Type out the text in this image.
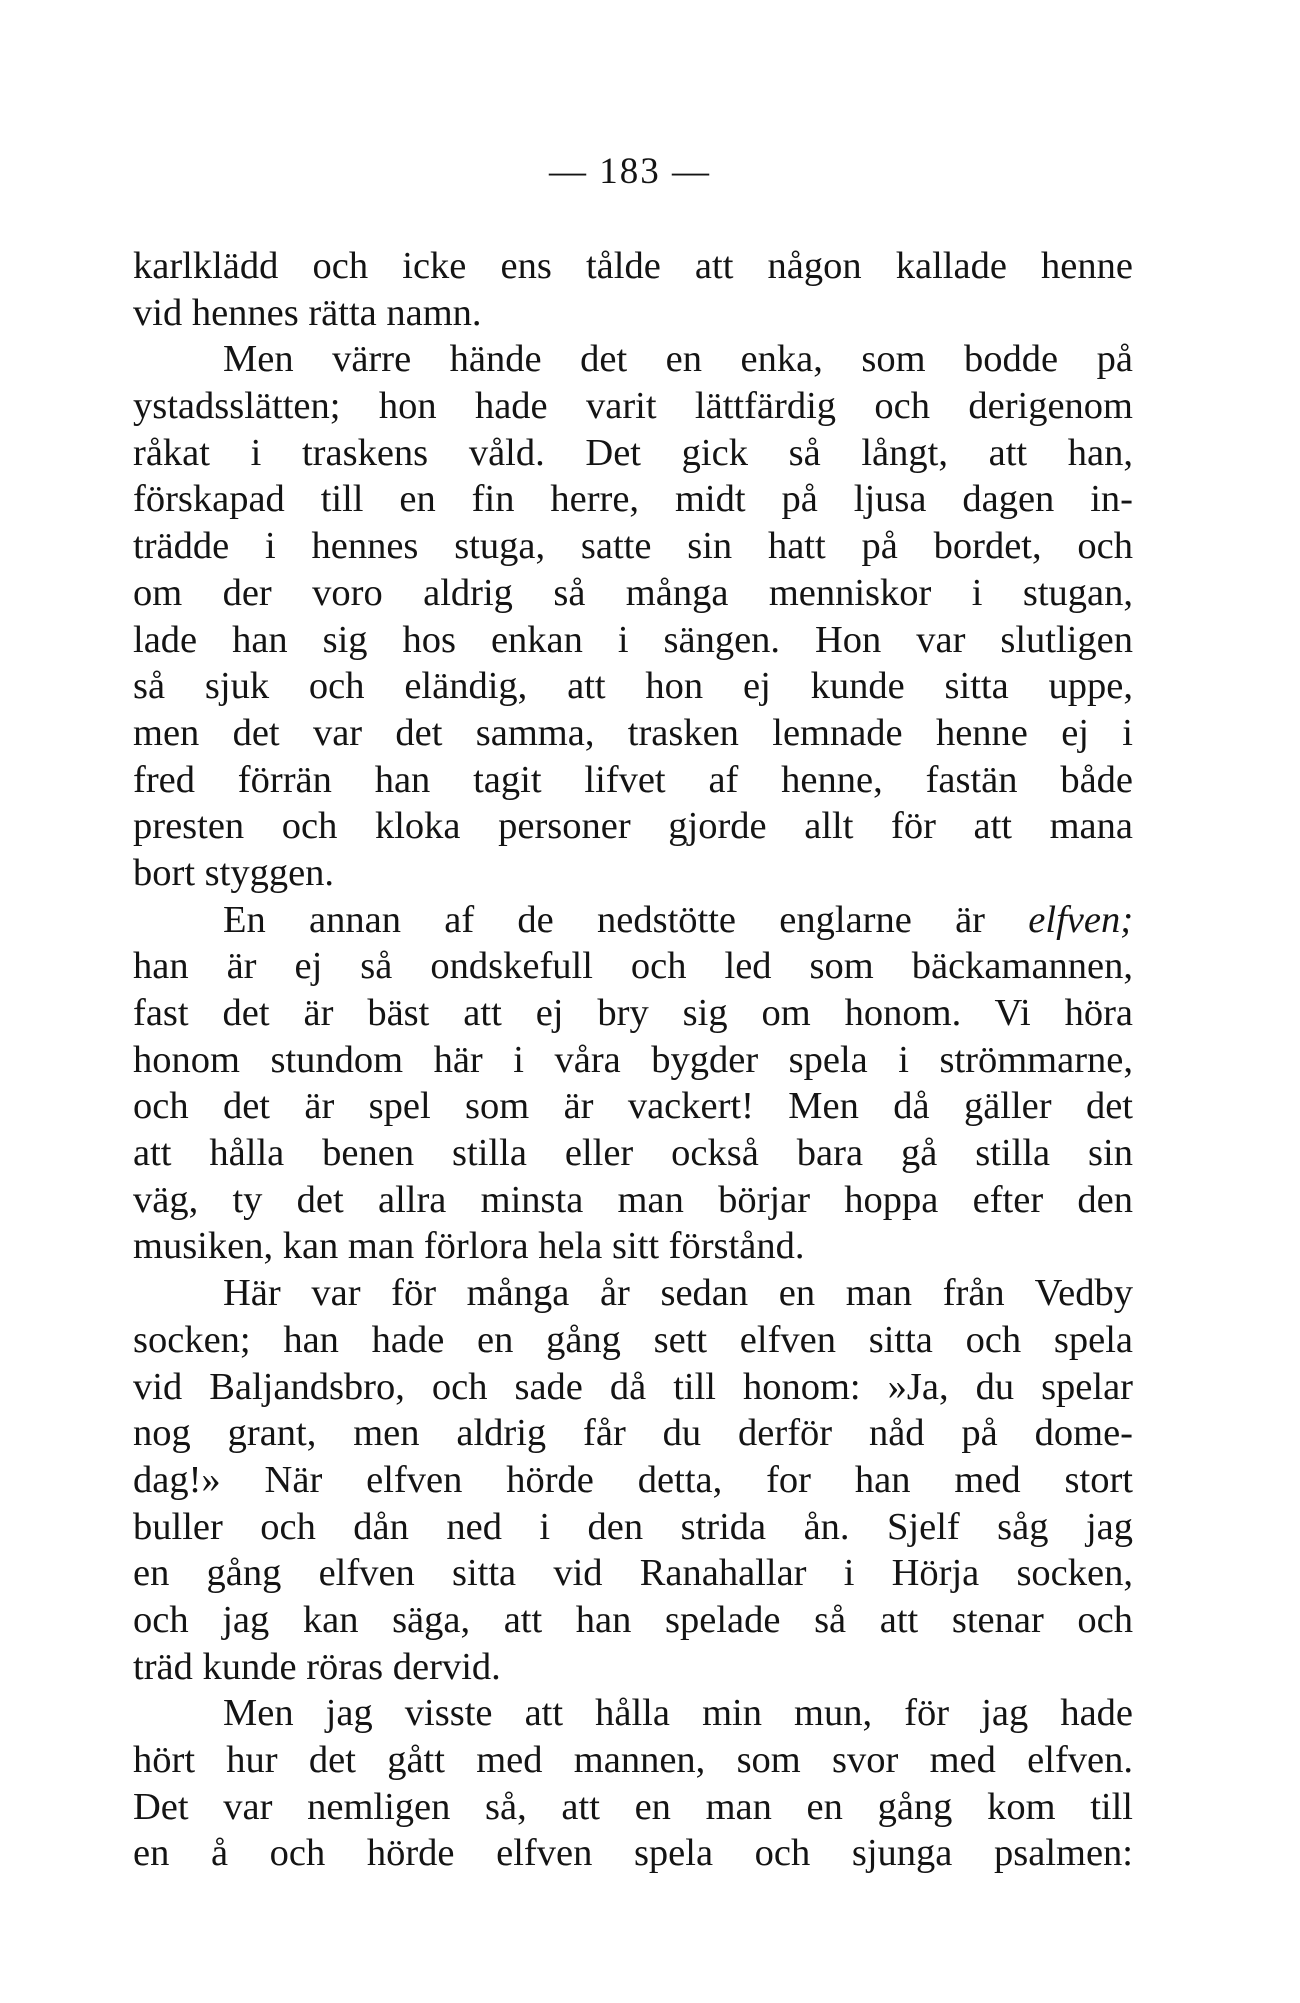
— 183 —
karlklädd och icke ens tålde att någon kallade henne
vid hennes rätta namn.
Men värre hände det en enka, som bodde på
ystadsslätten; hon hade varit lättfärdig och derigenom
råkat i traskens våld. Det gick så långt, att han,
förskapad till en fin herre, midt på ljusa dagen in-
trädde i hennes stuga, satte sin hatt på bordet, och
om der voro aldrig så många menniskor i stugan,
lade han sig hos enkan i sängen. Hon var slutligen
så sjuk och eländig, att hon ej kunde sitta uppe,
men det var det samma, trasken lemnade henne ej i
fred förrän han tagit lifvet af henne, fastän både
presten och kloka personer gjorde allt för att mana
bort styggen.
En annan af de nedstötte englarne är elfven;
han är ej så ondskefull och led som bäckamannen,
fast det är bäst att ej bry sig om honom. Vi höra
honom stundom här i våra bygder spela i strömmarne,
och det är spel som är vackert! Men då gäller det
att hålla benen stilla eller också bara gå stilla sin
väg, ty det allra minsta man börjar hoppa efter den
musiken, kan man förlora hela sitt förstånd.
Här var för många år sedan en man från Vedby
socken; han hade en gång sett elfven sitta och spela
vid Baljandsbro, och sade då till honom: »Ja, du spelar
nog grant, men aldrig får du derför nåd på dome-
dag!» När elfven hörde detta, for han med stort
buller och dån ned i den strida ån. Sjelf såg jag
en gång elfven sitta vid Ranahallar i Hörja socken,
och jag kan säga, att han spelade så att stenar och
träd kunde röras dervid.
Men jag visste att hålla min mun, för jag hade
hört hur det gått med mannen, som svor med elfven.
Det var nemligen så, att en man en gång kom till
en å och hörde elfven spela och sjunga psalmen:
